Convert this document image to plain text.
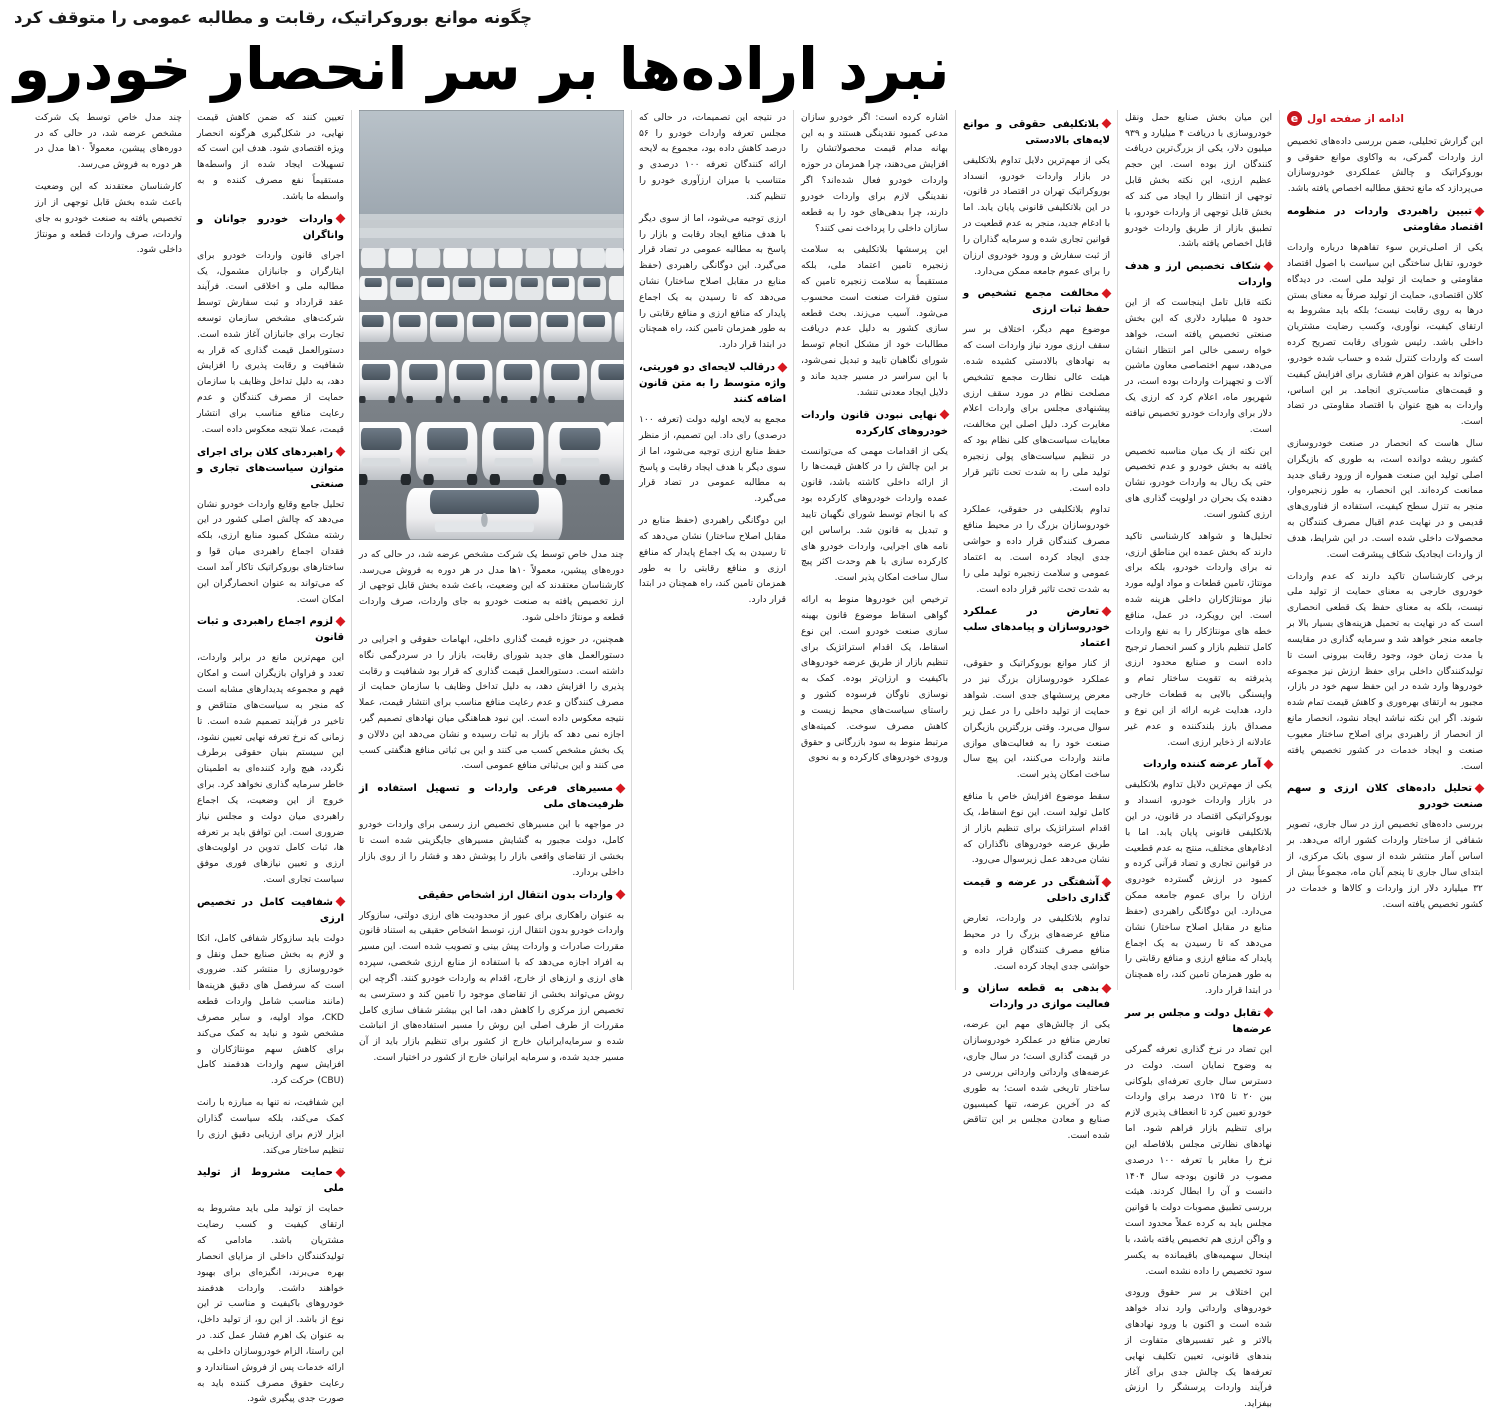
چگونه موانع بوروکراتیک، رقابت و مطالبه عمومی را متوقف کرد
نبرد اراده‌ها بر سر انحصار خودرو
e ادامه از صفحه اول

این گزارش تحلیلی، ضمن بررسی داده‌های تخصیص ارز واردات گمرکی، به واکاوی موانع حقوقی و بوروکراتیک و چالش عملکردی خودروسازان می‌پردازد که مانع تحقق مطالبه اخصاص یافته باشد.

تبیین راهبردی واردات در منظومه اقتصاد مقاومتی

یکی از اصلی‌ترین سوء تفاهم‌ها درباره واردات خودرو، تقابل ساختگی این سیاست با اصول اقتصاد مقاومتی و حمایت از تولید ملی است. در دیدگاه کلان اقتصادی، حمایت از تولید صرفاً به معنای بستن درها به روی رقابت نیست؛ بلکه باید مشروط به ارتقای کیفیت، نوآوری، وکسب رضایت مشتریان داخلی باشد. رئیس شورای رقابت تصریح کرده است که واردات کنترل شده و حساب شده خودرو، می‌تواند به عنوان اهرم فشاری برای افزایش کیفیت و قیمت‌های مناسب‌تری انجامد. بر این اساس، واردات به هیچ عنوان با اقتصاد مقاومتی در تضاد است.

سال هاست که انحصار در صنعت خودروسازی کشور ریشه دوانده است، به طوری که بازیگران اصلی تولید این صنعت همواره از ورود رقبای جدید ممانعت کرده‌اند. این انحصار، به طور زنجیره‌وار، منجر به تنزل سطح کیفیت، استفاده از فناوری‌های قدیمی و در نهایت عدم اقبال مصرف کنندگان به محصولات داخلی شده است. در این شرایط، هدف از واردات ایجادیک شکاف پیشرفت است.

برخی کارشناسان تاکید دارند که عدم واردات خودروی خارجی به معنای حمایت از تولید ملی نیست، بلکه به معنای حفظ یک قطعی انحصاری است که در نهایت به تحمیل هزینه‌های بسیار بالا بر جامعه منجر خواهد شد و سرمایه گذاری در مقایسه با مدت زمان خود، وجود رقابت بیرونی است تا تولیدکنندگان داخلی برای حفظ ارزش نیز مجموعه خودروها وارد شده در این حفظ سهم خود در بازار، مجبور به ارتقای بهره‌وری و کاهش قیمت تمام شده شوند. اگر این نکته نباشد ایجاد نشود، انحصار مانع از انحصار از راهبردی برای اصلاح ساختار معیوب صنعت و ایجاد خدمات در کشور تخصیص یافته است.

تحلیل داده‌های کلان ارزی و سهم صنعت خودرو

بررسی داده‌های تخصیص ارز در سال جاری، تصویر شفافی از ساختار واردات کشور ارائه می‌دهد. بر اساس آمار منتشر شده از سوی بانک مرکزی، از ابتدای سال جاری تا پنجم آبان ماه، مجموعاً بیش از ۳۲ میلیارد دلار ارز واردات و کالاها و خدمات در کشور تخصیص یافته است.

این میان بخش صنایع حمل ونقل خودروسازی با دریافت ۴ میلیارد و ۹۳۹ میلیون دلار، یکی از بزرگ‌ترین دریافت کنندگان ارز بوده است. این حجم عظیم ارزی، این نکته بخش قابل توجهی از انتظار را ایجاد می کند که بخش قابل توجهی از واردات خودرو، با تطبیق بازار از طریق واردات خودرو قابل اخصاص یافته باشد.

شکاف تخصیص ارز و هدف واردات

نکته قابل تامل اینجاست که از این حدود ۵ میلیارد دلاری که این بخش صنعتی تخصیص یافته است، خواهد خواه رسمی خالی امر انتظار انشان می‌دهد، سهم اختصاصی معاون ماشین آلات و تجهیزات واردات بوده است، در شهریور ماه، اعلام کرد که ارزی یک دلار برای واردات خودرو تخصیص نیافته است.

این نکته از یک میان مناسبه تخصیص یافته به بخش خودرو و عدم تخصیص حتی یک ریال به واردات خودرو، نشان دهنده یک بحران در اولویت گذاری های ارزی کشور است.

تحلیل‌ها و شواهد کارشناسی تاکید دارند که بخش عمده این مناطق ارزی، نه برای واردات خودرو، بلکه برای مونتاژ، تامین قطعات و مواد اولیه مورد نیاز مونتاژکاران داخلی هزینه شده است. این رویکرد، در عمل، منافع خطه های مونتاژکار را به نفع واردات کامل تنظیم بازار و کسر انحصار ترجیح داده است و صنایع محدود ارزی پذیرفته به تقویت ساختار تمام و واپسنگی بالایی به قطعات خارجی دارد، هدایت غربه ارائه از این نوع و مصداق بارز بلندکننده و عدم غیر عادلانه از ذخایر ارزی است.

آمار عرضه کننده واردات

یکی از مهم‌ترین دلایل تداوم بلاتکلیفی در بازار واردات خودرو، انسداد و بوروکراتیکی اقتصاد در قانون، در این بلاتکلیفی قانونی پایان یابد. اما با ادغام‌های مختلف، منتج به عدم قطعیت در قوانین تجاری و تضاد قرآنی کرده و کمبود در ارزش گسترده خودروی ارزان را برای عموم جامعه ممکن می‌دارد. این دوگانگی راهبردی (حفظ منابع در مقابل اصلاح ساختار) نشان می‌دهد که تا رسیدن به یک اجماع پایدار که منافع ارزی و منافع رقابتی را به طور همزمان تامین کند، راه همچنان در ابتدا قرار دارد.

تقابل دولت و مجلس بر سر عرضه‌ها

این تضاد در نرخ گذاری تعرفه گمرکی به وضوح نمایان است. دولت در دسترس سال جاری تعرفه‌ای بلوکانی بین ۲۰ تا ۱۲۵ درصد برای واردات خودرو تعیین کرد تا انعطاف پذیری لازم برای تنظیم بازار فراهم شود. اما نهادهای نظارتی مجلس بلافاصله این نرخ را مغایر با تعرفه ۱۰۰ درصدی مصوب در قانون بودجه سال ۱۴۰۴ دانست و آن را ابطال کردند. هیئت بررسی تطبیق مصوبات دولت با قوانین مجلس باید به کرده عملاً محدود است و واگن ارزی هم تخصیص یافته باشد، با اینحال سهمیه‌های باقیمانده به یکسر سود تخصیص را داده نشده است.

این اختلاف بر سر حقوق ورودی خودروهای وارداتی وارد نداد خواهد شده است و اکنون با ورود نهادهای بالاتر و غیر تفسیرهای متفاوت از بندهای قانونی، تعیین تکلیف نهایی تعرفه‌ها یک چالش جدی برای آغاز فرآیند واردات پرسشگر را ارزش بیفزاید.

بلاتکلیفی حقوقی و موانع لایه‌های بالادستی

یکی از مهم‌ترین دلایل تداوم بلاتکلیفی در بازار واردات خودرو، انسداد بوروکراتیک تهران در اقتصاد در قانون، در این بلاتکلیفی قانونی پایان یابد. اما با ادغام جدید، منجر به عدم قطعیت در قوانین تجاری شده و سرمایه گذاران را از ثبت سفارش و ورود خودروی ارزان را برای عموم جامعه ممکن می‌دارد.

مخالفت مجمع تشخیص و حفظ ثبات ارزی

موضوع مهم دیگر، اختلاف بر سر سقف ارزی مورد نیاز واردات است که به نهادهای بالادستی کشیده شده. هیئت عالی نظارت مجمع تشخیص مصلحت نظام در مورد سقف ارزی پیشنهادی مجلس برای واردات اعلام مغایرت کرد. دلیل اصلی این مخالفت، معایبات سیاست‌های کلی نظام بود که در تنظیم سیاست‌های پولی زنجیره تولید ملی را به شدت تحت تاثیر قرار داده است.

تداوم بلاتکلیفی در حقوقی، عملکرد خودروسازان بزرگ را در محیط منافع مصرف کنندگان قرار داده و حواشی جدی ایجاد کرده است. به اعتماد عمومی و سلامت زنجیره تولید ملی را به شدت تحت تاثیر قرار داده است.

تعارض در عملکرد خودروسازان و پیامدهای سلب اعتماد

از کنار موانع بوروکراتیک و حقوقی، عملکرد خودروسازان بزرگ نیز در معرض پرسشهای جدی است. شواهد حمایت از تولید داخلی را در عمل زیر سوال می‌برد. وقتی بزرگترین بازیگران صنعت خود را به فعالیت‌های موازی مانند واردات می‌کنند، این پیچ سال ساخت امکان پذیر است.

سقط موضوع افزایش خاص با منافع کامل تولید است. این نوع اسقاط، یک اقدام استراتژیک برای تنظیم بازار از طریق عرضه خودروهای ناگذاران که نشان می‌دهد عمل زیرسوال می‌رود.

آشفتگی در عرضه و قیمت گذاری داخلی

تداوم بلاتکلیفی در واردات، تعارض منافع عرضه‌های بزرگ را در محیط منافع مصرف کنندگان قرار داده و حواشی جدی ایجاد کرده است.

بدهی به قطعه سازان و فعالیت موازی در واردات

یکی از چالش‌های مهم این عرضه، تعارض منافع در عملکرد خودروسازان در قیمت گذاری است؛ در سال جاری، عرضه‌های وارداتی وارداتی بررسی در ساختار تاریخی شده است؛ به طوری که در آخرین عرضه، تنها کمیسیون صنایع و معادن مجلس بر این تناقض شده است.

اشاره کرده است: اگر خودرو سازان مدعی کمبود نقدینگی هستند و به این بهانه مدام قیمت محصولاتشان را افزایش می‌دهند، چرا همزمان در حوزه واردات خودرو فعال شده‌اند؟ اگر نقدینگی لازم برای واردات خودرو دارند، چرا بدهی‌های خود را به قطعه سازان داخلی را پرداخت نمی کنند؟

این پرسشها بلاتکلیفی به سلامت زنجیره تامین اعتماد ملی، بلکه مستقیماً به سلامت زنجیره تامین که ستون فقرات صنعت است محسوب می‌شود. آسیب می‌زند. بحث قطعه سازی کشور به دلیل عدم دریافت مطالبات خود از مشکل انجام توسط شورای نگاهبان تایید و تبدیل نمی‌شود، با این سراسر در مسیر جدید ماند و دلایل ایجاد معدنی تنشد.

نهایی نبودن قانون واردات خودروهای کارکرده

یکی از اقدامات مهمی که می‌توانست بر این چالش را در کاهش قیمت‌ها را از ارائه داخلی کاشته باشد، قانون عمده واردات خودروهای کارکرده بود که با انجام توسط شورای نگهبان تایید و تبدیل به قانون شد. براساس این نامه های اجرایی، واردات خودرو های کارکرده سازی با هم وحدت اکثر پیچ سال ساخت امکان پذیر است.

ترخیص این خودروها منوط به ارائه گواهی اسقاط موضوع قانون بهینه سازی صنعت خودرو است. این نوع اسقاط، یک اقدام استراتژیک برای تنظیم بازار از طریق عرضه خودروهای باکیفیت و ارزان‌تر بوده. کمک به نوسازی ناوگان فرسوده کشور و راستای سیاست‌های محیط زیست و کاهش مصرف سوخت. کمیته‌های مرتبط منوط به سود بازرگانی و حقوق ورودی خودروهای کارکرده و به نحوی

در نتیجه این تصمیمات، در حالی که مجلس تعرفه واردات خودرو را ۵۶ درصد کاهش داده بود، مجموع به لایحه ارائه کنندگان تعرفه ۱۰۰ درصدی و متناسب با میزان ارزآوری خودرو را تنظیم کند.

ارزی توجیه می‌شود، اما از سوی دیگر با هدف منافع ایجاد رقابت و بازار را پاسخ به مطالبه عمومی در تضاد قرار می‌گیرد. این دوگانگی راهبردی (حفظ منابع در مقابل اصلاح ساختار) نشان می‌دهد که تا رسیدن به یک اجماع پایدار که منافع ارزی و منافع رقابتی را به طور همزمان تامین کند، راه همچنان در ابتدا قرار دارد.

درقالب لایحه‌ای دو فوریتی، واژه متوسط را به متن قانون اضافه کنند

مجمع به لایحه اولیه دولت (تعرفه ۱۰۰ درصدی) رای داد. این تصمیم، از منظر حفظ منابع ارزی توجیه می‌شود، اما از سوی دیگر با هدف ایجاد رقابت و پاسخ به مطالبه عمومی در تضاد قرار می‌گیرد.

این دوگانگی راهبردی (حفظ منابع در مقابل اصلاح ساختار) نشان می‌دهد که تا رسیدن به یک اجماع پایدار که منافع ارزی و منافع رقابتی را به طور همزمان تامین کند، راه همچنان در ابتدا قرار دارد.

چند مدل خاص توسط یک شرکت مشخص عرضه شد، در حالی که در دوره‌های پیشین، معمولاً ۱۰ها مدل در هر دوره به فروش می‌رسد. کارشناسان معتقدند که این وضعیت، باعث شده بخش قابل توجهی از ارز تخصیص یافته به صنعت خودرو به جای واردات، صرف واردات قطعه و مونتاژ داخلی شود.

همچنین، در حوزه قیمت گذاری داخلی، ابهامات حقوقی و اجرایی در دستورالعمل های جدید شورای رقابت، بازار را در سردرگمی نگاه داشته است. دستورالعمل قیمت گذاری که قرار بود شفافیت و رقابت پذیری را افزایش دهد، به دلیل تداخل وظایف با سازمان حمایت از مصرف کنندگان و عدم رعایت منافع مناسب برای انتشار قیمت، عملا نتیجه معکوس داده است. این نبود هماهنگی میان نهادهای تصمیم گیر، اجازه نمی دهد که بازار به ثبات رسیده و نشان می‌دهد این دلالان و یک بخش مشخص کسب می کنند و این بی ثباتی منافع هنگفتی کسب می کنند و این بی‌ثباتی منافع عمومی است.

مسیرهای فرعی واردات و تسهیل استفاده از ظرفیت‌های ملی

در مواجهه با این مسیرهای تخصیص ارز رسمی برای واردات خودرو کامل، دولت مجبور به گشایش مسیرهای جایگزینی شده است تا بخشی از تقاضای واقعی بازار را پوشش دهد و فشار را از روی بازار داخلی بردارد.

واردات بدون انتقال ارز اشخاص حقیقی

به عنوان راهکاری برای عبور از محدودیت های ارزی دولتی، سازوکار واردات خودرو بدون انتقال ارز، توسط اشخاص حقیقی به استناد قانون مقررات صادرات و واردات پیش بینی و تصویب شده است. این مسیر به افراد اجازه می‌دهد که با استفاده از منابع ارزی شخصی، سپرده های ارزی و ارزهای از خارج، اقدام به واردات خودرو کنند. اگرچه این روش می‌تواند بخشی از تقاضای موجود را تامین کند و دسترسی به تخصیص ارز مرکزی را کاهش دهد، اما این بیشتر شفاف سازی کامل مقررات از طرف اصلی این روش را مسیر استفاده‌های از انباشت شده و سرمایه‌ایرانیان خارج از کشور برای تنظیم بازار باید از آن مسیر جدید شده، و سرمایه ایرانیان خارج از کشور در اختیار است.

تعیین کنند که ضمن کاهش قیمت نهایی، در شکل‌گیری هرگونه انحصار ویژه اقتصادی شود. هدف این است که تسهیلات ایجاد شده از واسطه‌ها مستقیماً نفع مصرف کننده و به واسطه ما باشد.

واردات خودرو جوانان و واناگران

اجرای قانون واردات خودرو برای ایثارگران و جانبازان مشمول، یک مطالبه ملی و اخلاقی است. فرآیند عقد قرارداد و ثبت سفارش توسط شرکت‌های مشخص سازمان توسعه تجارت برای جانبازان آغاز شده است. دستورالعمل قیمت گذاری که قرار به شفافیت و رقابت پذیری را افزایش دهد، به دلیل تداخل وظایف با سازمان حمایت از مصرف کنندگان و عدم رعایت منافع مناسب برای انتشار قیمت، عملا نتیجه معکوس داده است.

راهبردهای کلان برای اجرای متوازن سیاست‌های تجاری و صنعتی

تحلیل جامع وقایع واردات خودرو نشان می‌دهد که چالش اصلی کشور در این رشته مشکل کمبود منابع ارزی، بلکه فقدان اجماع راهبردی میان قوا و ساختارهای بوروکراتیک تاکار آمد است که می‌تواند به عنوان انحصارگران این امکان است.

لزوم اجماع راهبردی و ثبات قانون

این مهم‌ترین مانع در برابر واردات، تعدد و فراوان بازیگران است و امکان فهم و مجموعه پدیدارهای مشابه است که منجر به سیاست‌های متناقض و تاخیر در فرآیند تصمیم شده است. تا زمانی که نرخ تعرفه نهایی تعیین نشود، این سیستم بنیان حقوقی برطرف نگردد، هیچ وارد کننده‌ای به اطمینان خاطر سرمایه گذاری نخواهد کرد. برای خروج از این وضعیت، یک اجماع راهبردی میان دولت و مجلس نیاز ضروری است. این توافق باید بر تعرفه ها، ثبات کامل تدوین در اولویت‌های ارزی و تعیین نیازهای فوری موفق سیاست تجاری است.

شفافیت کامل در تخصیص ارزی

دولت باید سازوکار شفافی کامل، اتکا و لازم به بخش صنایع حمل ونقل و خودروسازی را منتشر کند. ضروری است که سرفصل های دقیق هزینه‌ها (مانند مناسب شامل واردات قطعه CKD، مواد اولیه، و سایر مصرف مشخص شود و نباید به کمک می‌کند برای کاهش سهم مونتاژکاران و افزایش سهم واردات هدفمند کامل (CBU) حرکت کرد.

این شفافیت، نه تنها به مبارزه با رانت کمک می‌کند، بلکه سیاست گذاران ابزار لازم برای ارزیابی دقیق ارزی را تنظیم ساختار می‌کند.

حمایت مشروط از تولید ملی

حمایت از تولید ملی باید مشروط به ارتقای کیفیت و کسب رضایت مشتریان باشد. مادامی که تولیدکنندگان داخلی از مزایای انحصار بهره می‌برند، انگیزه‌ای برای بهبود خواهند داشت. واردات هدفمند خودروهای باکیفیت و مناسب تر این نوع از باشد. از این رو، از تولید داخل، به عنوان یک اهرم فشار عمل کند. در این راستا، الزام خودروسازان داخلی به ارائه خدمات پس از فروش استاندارد و رعایت حقوق مصرف کننده باید به صورت جدی پیگیری شود.

چند مدل خاص توسط یک شرکت مشخص عرضه شد، در حالی که در دوره‌های پیشین، معمولاً ۱۰ها مدل در هر دوره به فروش می‌رسد.

کارشناسان معتقدند که این وضعیت باعث شده بخش قابل توجهی از ارز تخصیص یافته به صنعت خودرو به جای واردات، صرف واردات قطعه و مونتاژ داخلی شود.
